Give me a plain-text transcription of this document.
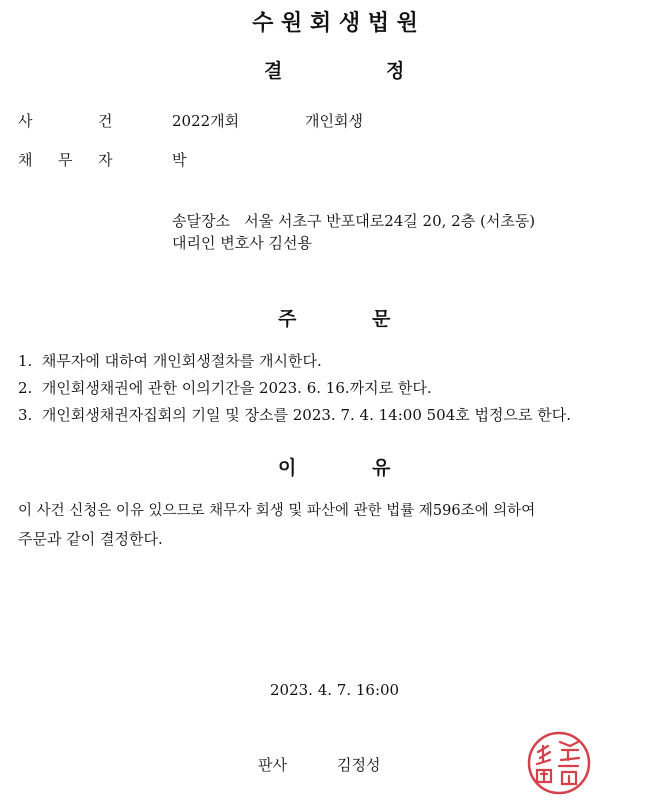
수 원 회 생 법 원
결	정
사	건	2022개회	개인회생
채 무 자	박
송달장소   서울 서초구 반포대로24길 20, 2층 (서초동)
대리인 변호사 김선용
주	문
1.  채무자에 대하여 개인회생절차를 개시한다.
2.  개인회생채권에 관한 이의기간을 2023. 6. 16.까지로 한다.
3.  개인회생채권자집회의 기일 및 장소를 2023. 7. 4. 14:00 504호 법정으로 한다.
이	유
이 사건 신청은 이유 있으므로 채무자 회생 및 파산에 관한 법률 제596조에 의하여
주문과 같이 결정한다.
2023. 4. 7. 16:00
판사	김정성
